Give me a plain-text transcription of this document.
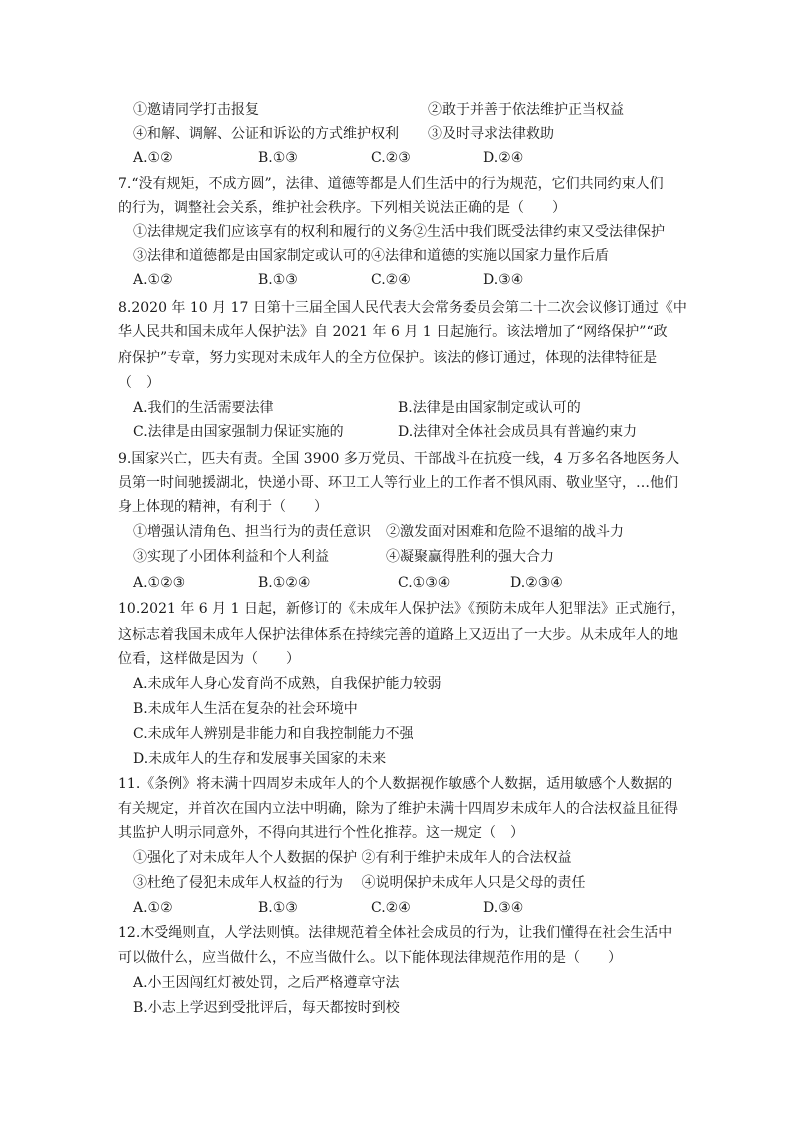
①邀请同学打击报复	②敢于并善于依法维护正当权益
④和解、调解、公证和诉讼的方式维护权利 ③及时寻求法律救助
A.①②	B.①③	C.②③	D.②④
7.“没有规矩，不成方圆”，法律、道德等都是人们生活中的行为规范，它们共同约束人们
的行为，调整社会关系，维护社会秩序。下列相关说法正确的是（　　）
①法律规定我们应该享有的权利和履行的义务②生活中我们既受法律约束又受法律保护
③法律和道德都是由国家制定或认可的④法律和道德的实施以国家力量作后盾
A.①②	B.①③	C.②④	D.③④
8.2020 年 10 月 17 日第十三届全国人民代表大会常务委员会第二十二次会议修订通过《中
华人民共和国未成年人保护法》自 2021 年 6 月 1 日起施行。该法增加了“网络保护”“政
府保护”专章，努力实现对未成年人的全方位保护。该法的修订通过，体现的法律特征是
（　）
A.我们的生活需要法律	B.法律是由国家制定或认可的
C.法律是由国家强制力保证实施的	D.法律对全体社会成员具有普遍约束力
9.国家兴亡，匹夫有责。全国 3900 多万党员、干部战斗在抗疫一线，4 万多名各地医务人
员第一时间驰援湖北，快递小哥、环卫工人等行业上的工作者不惧风雨、敬业坚守，…他们
身上体现的精神，有利于（　　）
①增强认清角色、担当行为的责任意识 ②激发面对困难和危险不退缩的战斗力
③实现了小团体利益和个人利益	④凝聚赢得胜利的强大合力
A.①②③	B.①②④	C.①③④	D.②③④
10.2021 年 6 月 1 日起，新修订的《未成年人保护法》《预防未成年人犯罪法》正式施行，
这标志着我国未成年人保护法律体系在持续完善的道路上又迈出了一大步。从未成年人的地
位看，这样做是因为（　　）
A.未成年人身心发育尚不成熟，自我保护能力较弱
B.未成年人生活在复杂的社会环境中
C.未成年人辨别是非能力和自我控制能力不强
D.未成年人的生存和发展事关国家的未来
11.《条例》将未满十四周岁未成年人的个人数据视作敏感个人数据，适用敏感个人数据的
有关规定，并首次在国内立法中明确，除为了维护未满十四周岁未成年人的合法权益且征得
其监护人明示同意外，不得向其进行个性化推荐。这一规定（　）
①强化了对未成年人个人数据的保护 ②有利于维护未成年人的合法权益
③杜绝了侵犯未成年人权益的行为　 ④说明保护未成年人只是父母的责任
A.①②	B.①③	C.②④	D.③④
12.木受绳则直，人学法则慎。法律规范着全体社会成员的行为，让我们懂得在社会生活中
可以做什么，应当做什么，不应当做什么。以下能体现法律规范作用的是（　　）
A.小王因闯红灯被处罚，之后严格遵章守法
B.小志上学迟到受批评后，每天都按时到校
